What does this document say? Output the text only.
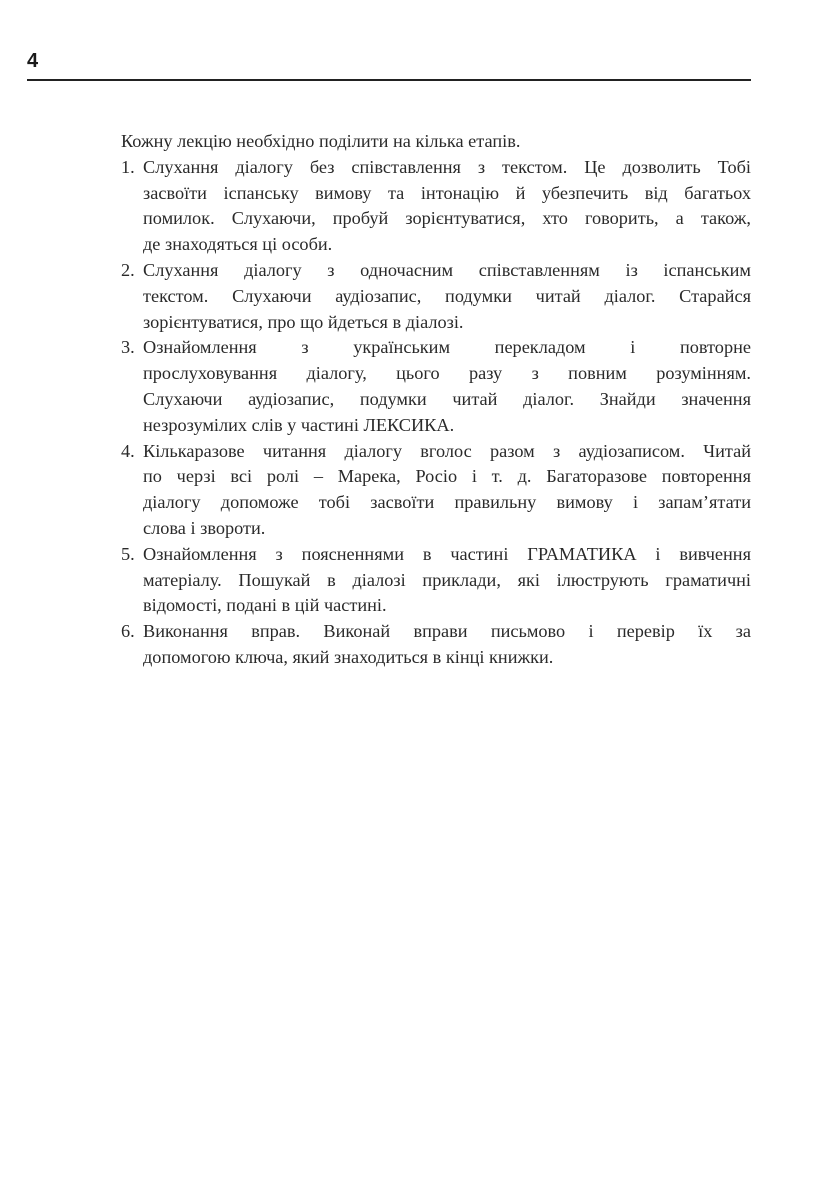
4
Кожну лекцію необхідно поділити на кілька етапів.
1. Слухання діалогу без співставлення з текстом. Це дозволить Тобі
засвоїти іспанську вимову та інтонацію й убезпечить від багатьох
помилок. Слухаючи, пробуй зорієнтуватися, хто говорить, а також,
де знаходяться ці особи.
2. Слухання діалогу з одночасним співставленням із іспанським
текстом. Слухаючи аудіозапис, подумки читай діалог. Старайся
зорієнтуватися, про що йдеться в діалозі.
3. Ознайомлення з українським перекладом і повторне
прослуховування діалогу, цього разу з повним розумінням.
Слухаючи аудіозапис, подумки читай діалог. Знайди значення
незрозумілих слів у частині ЛЕКСИКА.
4. Кількаразове читання діалогу вголос разом з аудіозаписом. Читай
по черзі всі ролі – Марека, Росіо і т. д. Багаторазове повторення
діалогу допоможе тобі засвоїти правильну вимову і запам’ятати
слова і звороти.
5. Ознайомлення з поясненнями в частині ГРАМАТИКА і вивчення
матеріалу. Пошукай в діалозі приклади, які ілюструють граматичні
відомості, подані в цій частині.
6. Виконання вправ. Виконай вправи письмово і перевір їх за
допомогою ключа, який знаходиться в кінці книжки.
